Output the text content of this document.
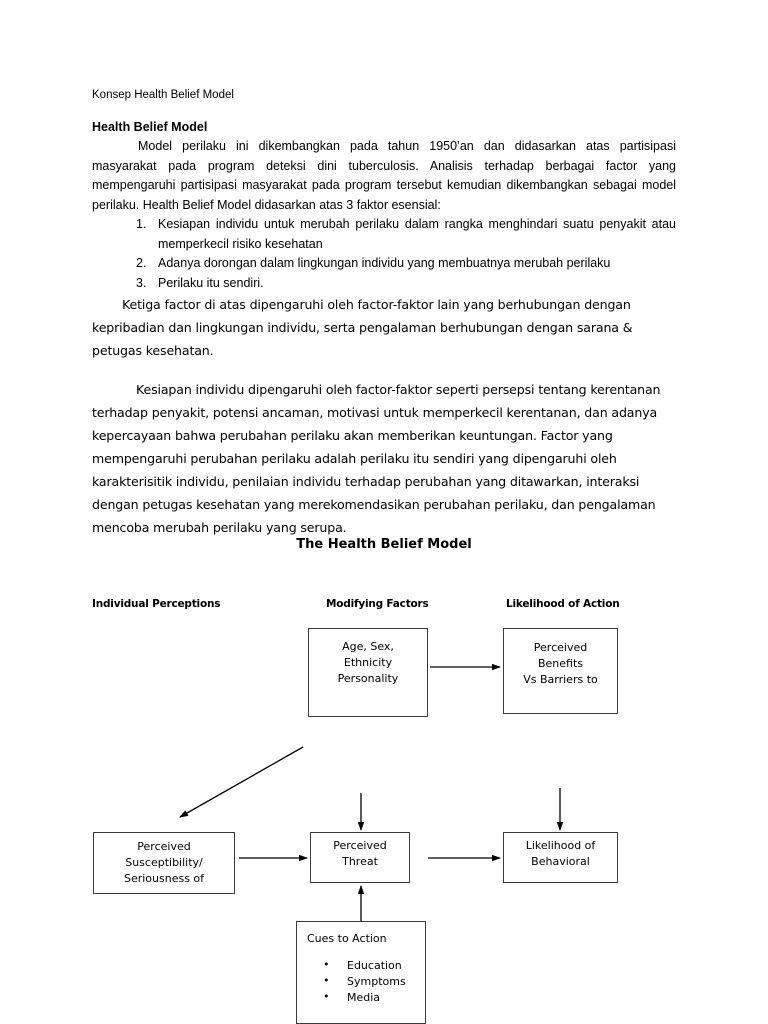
Konsep Health Belief Model
Health Belief Model

Model perilaku ini dikembangkan pada tahun 1950’an dan didasarkan atas partisipasi masyarakat pada program deteksi dini tuberculosis. Analisis terhadap berbagai factor yang mempengaruhi partisipasi masyarakat pada program tersebut kemudian dikembangkan sebagai model perilaku. Health Belief Model didasarkan atas 3 faktor esensial:

Kesiapan individu untuk merubah perilaku dalam rangka menghindari suatu penyakit atau memperkecil risiko kesehatan
Adanya dorongan dalam lingkungan individu yang membuatnya merubah perilaku
Perilaku itu sendiri.

Ketiga factor di atas dipengaruhi oleh factor-faktor lain yang berhubungan dengan kepribadian dan lingkungan individu, serta pengalaman berhubungan dengan sarana & petugas kesehatan.

Kesiapan individu dipengaruhi oleh factor-faktor seperti persepsi tentang kerentanan terhadap penyakit, potensi ancaman, motivasi untuk memperkecil kerentanan, dan adanya kepercayaan bahwa perubahan perilaku akan memberikan keuntungan. Factor yang mempengaruhi perubahan perilaku adalah perilaku itu sendiri yang dipengaruhi oleh karakterisitik individu, penilaian individu terhadap perubahan yang ditawarkan, interaksi dengan petugas kesehatan yang merekomendasikan perubahan perilaku, dan pengalaman mencoba merubah perilaku yang serupa.

The Health Belief Model
Individual Perceptions	Modifying Factors	Likelihood of Action
Age, Sex,
Ethnicity
Personality
Perceived
Benefits
Vs Barriers to
Perceived
Susceptibility/
Seriousness of
Perceived
Threat
Likelihood of
Behavioral
Cues to Action
• Education
• Symptoms
• Media
